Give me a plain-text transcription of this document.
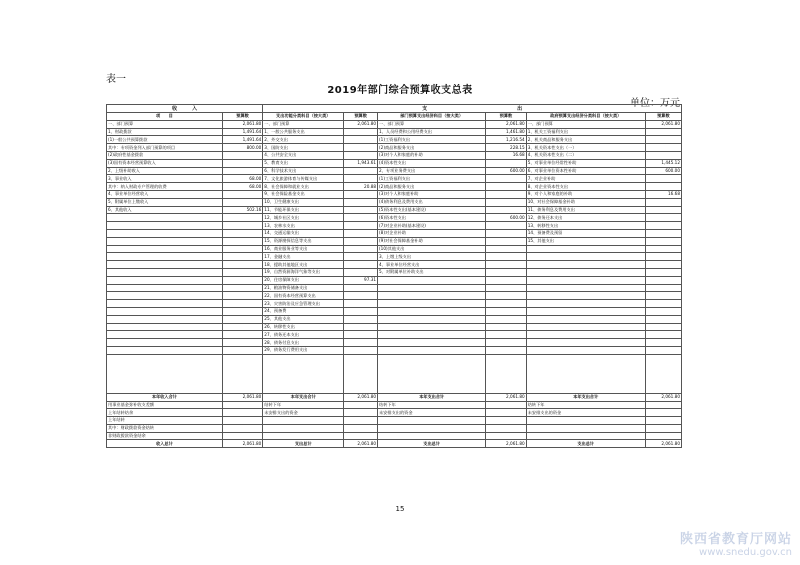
表一
2019年部门综合预算收支总表
单位：万元
收　　　入		支　　　　　　　　　　　　　　　　　　出					
项　　目	预算数	支出功能分类科目（按大类）	预算数	部门预算支出经济科目（按大类）	预算数	政府预算支出经济分类科目（按大类）	预算数
一、部门预算	2,061.80	一、部门预算	2,061.80	一、部门预算	2,061.80	一、部门预算	2,061.80
1、财政拨款	1,491.64	1、一般公共服务支出		1、人员经费和公用经费支出	1,461.80	1、机关工资福利支出	
(1)一般公共预算拨款	1,491.64	2、外交支出		(1)工资福利支出	1,216.54	2、机关商品和服务支出	
其中：专项资金列入部门预算的项目	800.00	3、国防支出		(2)商品和服务支出	228.15	3、机关资本性支出（一）	
(2)政府性基金拨款		4、公共安全支出		(3)对个人和家庭的补助	16.68	4、机关资本性支出（二）	
(3)国有资本经营预算收入		5、教育支出	1,943.61	(4)资本性支出		5、对事业单位经常性补助	1,445.12
2、上级补助收入		6、科学技术支出		2、专项业务费支出	600.00	6、对事业单位资本性补助	600.00
3、事业收入	68.00	7、文化旅游体育与传媒支出		(1)工资福利支出		7、对企业补助	
其中：纳入财政专户管理的收费	68.00	8、社会保障和就业支出	20.88	(2)商品和服务支出		8、对企业资本性支出	
4、事业单位经营收入		9、社会保险基金支出		(3)对个人和家庭补助		9、对个人和家庭的补助	16.68
5、附属单位上缴收入		10、卫生健康支出		(4)债务利息及费用支出		10、对社会保障基金补助	
6、其他收入	502.16	11、节能环保支出		(5)资本性支出(基本建设)		11、债务利息及费用支出	
		12、城乡社区支出		(6)资本性支出	600.00	12、债务还本支出	
		13、农林水支出		(7)对企业补助(基本建设)		13、转移性支出	
		14、交通运输支出		(8)对企业补助		14、预备费及预留	
		15、资源勘探信息等支出		(9)对社会保障基金补助		15、其他支出	
		16、商业服务业等支出		(10)其他支出			
		17、金融支出		3、上缴上级支出			
		18、援助其他地区支出		4、事业单位经营支出			
		19、自然资源海洋气象等支出		5、对附属单位补助支出			
		20、住房保障支出	97.31				
		21、粮油物资储备支出					
		22、国有资本经营预算支出					
		23、灾害防治及应急管理支出					
		24、预备费					
		25、其他支出					
		26、转移性支出					
		27、债务还本支出					
		28、债务付息支出					
		29、债务发行费用支出					

本年收入合计	2,061.80	本年支出合计	2,061.80	本年支出合计	2,061.80	本年支出合计	2,061.80
用事业基金弥补收支差额		结转下年		结转下年		结转下年	
上年结转结余		未安排支出的资金		未安排支出的资金		未安排支出的资金	
上年结转							
其中：财政拨款资金结转							
非财政拨款资金结余							
收入总计	2,061.80	支出总计	2,061.80	支出总计	2,061.80	支出总计	2,061.80
15
陕西省教育厅网站
www.snedu.gov.cn
